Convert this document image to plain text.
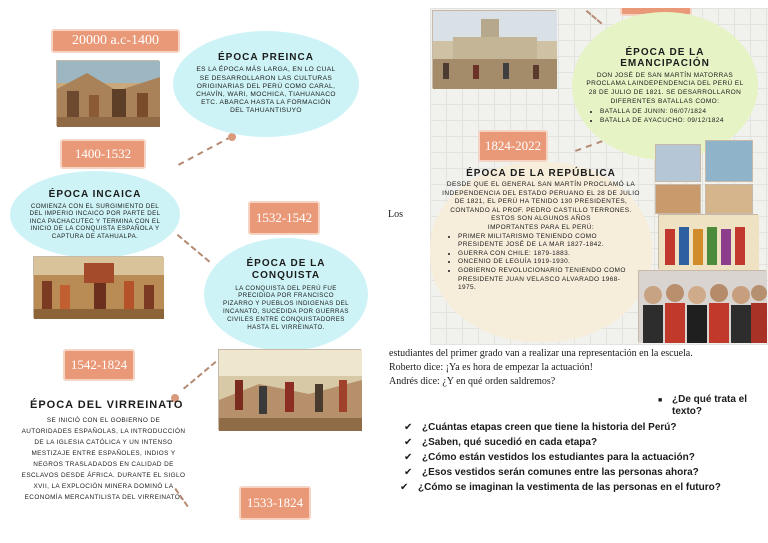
20000 a.c-1400
1400-1532
1532-1542
1542-1824
1533-1824
ÉPOCA PREINCA
ES LA ÉPOCA MÁS LARGA, EN LO CUAL SE DESARROLLARON LAS CULTURAS ORIGINARIAS DEL PERÚ COMO CARAL, CHAVÍN, WARI, MOCHICA, TIAHUANACO ETC. ABARCA HASTA LA FORMACIÓN DEL TAHUANTISUYO
ÉPOCA INCAICA
COMIENZA CON EL SURGIMIENTO DEL DEL IMPERIO INCAICO POR PARTE DEL INCA PACHACUTEC Y TERMINA CON EL INICIO DE LA CONQUISTA ESPAÑOLA Y CAPTURA DE ATAHUALPA.
ÉPOCA DE LA CONQUISTA
LA CONQUISTA DEL PERÚ FUE PRECIDIDA POR FRANCISCO PIZARRO Y PUEBLOS INDIGENAS DEL INCANATO, SUCEDIDA POR GUERRAS CIVILES ENTRE CONQUISTADORES HASTA EL VIRREINATO.
ÉPOCA DEL VIRREINATO
SE INICIÓ CON EL GOBIERNO DE AUTORIDADES ESPAÑOLAS, LA INTRODUCCIÓN DE LA IGLESIA CATÓLICA Y UN INTENSO MESTIZAJE ENTRE ESPAÑOLES, INDIOS Y NEGROS TRASLADADOS EN CALIDAD DE ESCLAVOS DESDE ÁFRICA. DURANTE EL SIGLO XVII, LA EXPLOCIÓN MINERA DOMINÓ LA ECONOMÍA MERCANTILISTA DEL VIRREINATO.
Los
ÉPOCA DE LA
EMANCIPACIÓN
DON JOSÉ DE SAN MARTÍN MATORRAS PROCLAMA LAINDEPENDENCIA DEL PERÚ EL 28 DE JULIO DE 1821. SE DESARROLLARON DIFERENTES BATALLAS COMO:
• BATALLA DE JUNIN: 06/07/1824
• BATALLA DE AYACUCHO: 09/12/1824
1824-2022
ÉPOCA DE LA REPÚBLICA
DESDE QUE EL GENERAL SAN MARTÍN PROCLAMÓ LA INDEPENDENCIA DEL ESTADO PERUANO EL 28 DE JULIO DE 1821, EL PERÚ HA TENIDO 130 PRESIDENTES, CONTANDO AL PROF. PEDRO CASTILLO TERRONES.
ESTOS SON ALGUNOS AÑOS IMPORTANTES PARA EL PERÚ:
• PRIMER MILITARISMO TENIENDO COMO PRESIDENTE JOSÉ DE LA MAR 1827-1842.
• GUERRA CON CHILE: 1879-1883.
• ONCENIO DE LEGUÍA 1919-1930.
• GOBIERNO REVOLUCIONARIO TENIENDO COMO PRESIDENTE JUAN VELASCO ALVARADO 1968-1975.

estudiantes del primer grado van a realizar una representación en la escuela.

Roberto dice: ¡Ya es hora de empezar la actuación!

Andrés dice: ¿Y en qué orden saldremos?

■ ¿De qué trata el texto?
✔ ¿Cuántas etapas creen que tiene la historia del Perú?
✔ ¿Saben, qué sucedió en cada etapa?
✔ ¿Cómo están vestidos los estudiantes para la actuación?
✔ ¿Esos vestidos serán comunes entre las personas ahora?
✔ ¿Cómo se imaginan la vestimenta de las personas en el futuro?
